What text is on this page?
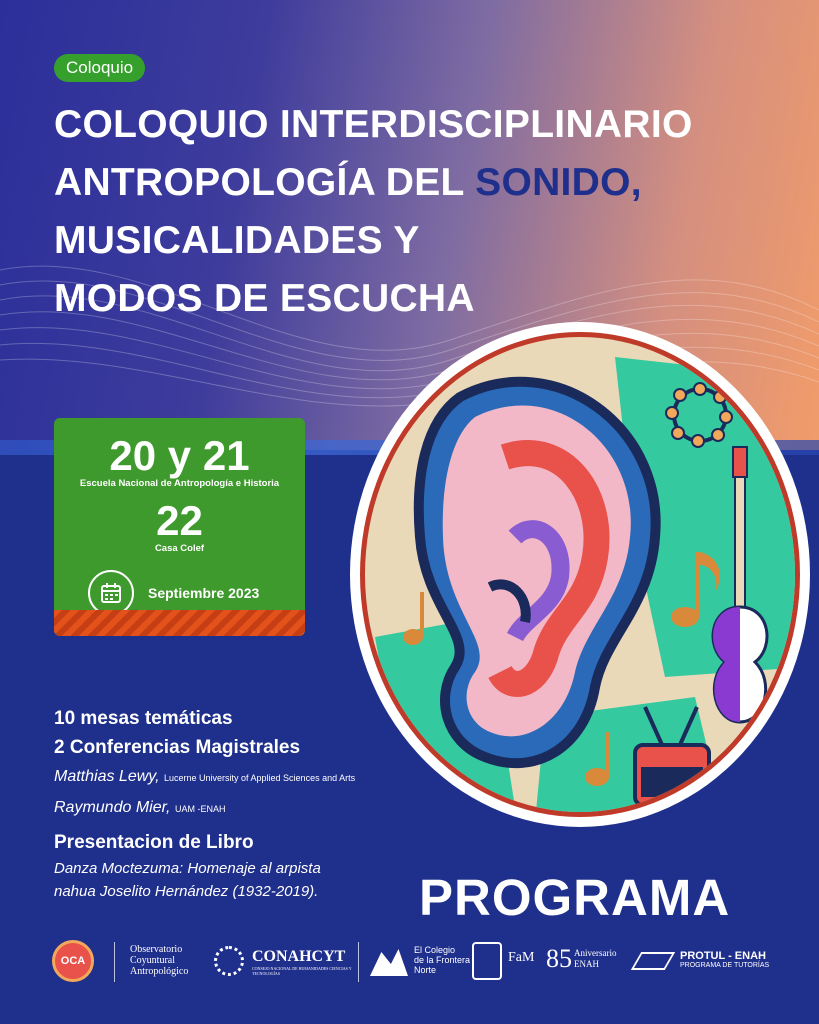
Coloquio
COLOQUIO INTERDISCIPLINARIO
ANTROPOLOGÍA DEL SONIDO,
MUSICALIDADES Y
MODOS DE ESCUCHA
20 y 21
Escuela Nacional de Antropología e Historia
22
Casa Colef
Septiembre 2023
10 mesas temáticas
2 Conferencias Magistrales
Matthias Lewy, Lucerne University of Applied Sciences and Arts
Raymundo Mier, UAM -ENAH
Presentacion de Libro
Danza Moctezuma: Homenaje al arpista
nahua Joselito Hernández (1932-2019).	PROGRAMA
OCA
Observatorio
Coyuntural
Antropológico
CONAHCYT
CONSEJO NACIONAL DE HUMANIDADES CIENCIAS Y TECNOLOGÍAS
El Colegio
de la Frontera
Norte
FaM 85 Aniversario
ENAH
PROTUL - ENAH
PROGRAMA DE TUTORÍAS
